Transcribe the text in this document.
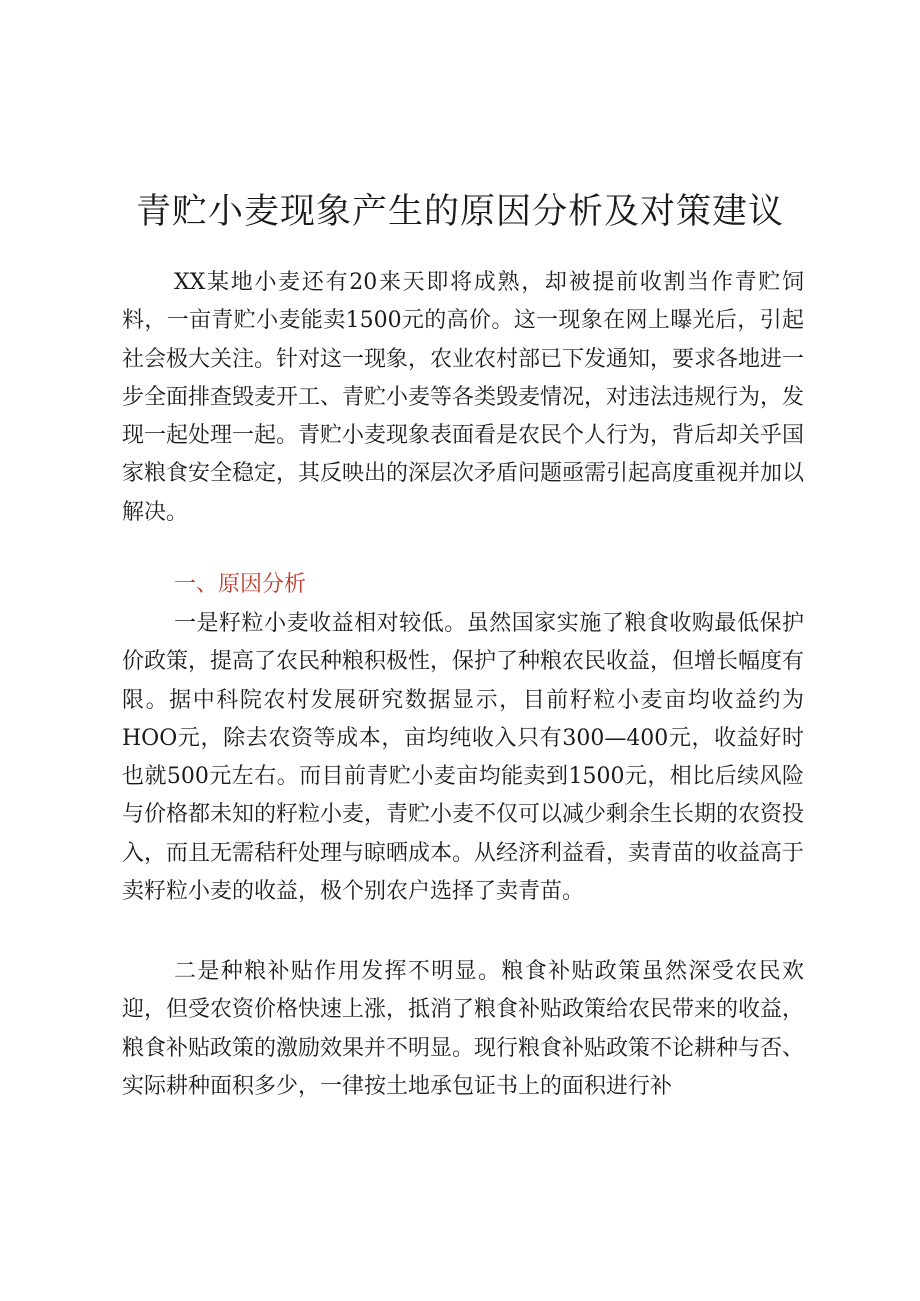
青贮小麦现象产生的原因分析及对策建议

XX某地小麦还有20来天即将成熟，却被提前收割当作青贮饲料，一亩青贮小麦能卖1500元的高价。这一现象在网上曝光后，引起社会极大关注。针对这一现象，农业农村部已下发通知，要求各地进一步全面排查毁麦开工、青贮小麦等各类毁麦情况，对违法违规行为，发现一起处理一起。青贮小麦现象表面看是农民个人行为，背后却关乎国家粮食安全稳定，其反映出的深层次矛盾问题亟需引起高度重视并加以解决。

一、原因分析

一是籽粒小麦收益相对较低。虽然国家实施了粮食收购最低保护价政策，提高了农民种粮积极性，保护了种粮农民收益，但增长幅度有限。据中科院农村发展研究数据显示，目前籽粒小麦亩均收益约为HOO元，除去农资等成本，亩均纯收入只有300—400元，收益好时也就500元左右。而目前青贮小麦亩均能卖到1500元，相比后续风险与价格都未知的籽粒小麦，青贮小麦不仅可以减少剩余生长期的农资投入，而且无需秸秆处理与晾晒成本。从经济利益看，卖青苗的收益高于卖籽粒小麦的收益，极个别农户选择了卖青苗。

二是种粮补贴作用发挥不明显。粮食补贴政策虽然深受农民欢迎，但受农资价格快速上涨，抵消了粮食补贴政策给农民带来的收益，粮食补贴政策的激励效果并不明显。现行粮食补贴政策不论耕种与否、实际耕种面积多少，一律按土地承包证书上的面积进行补
